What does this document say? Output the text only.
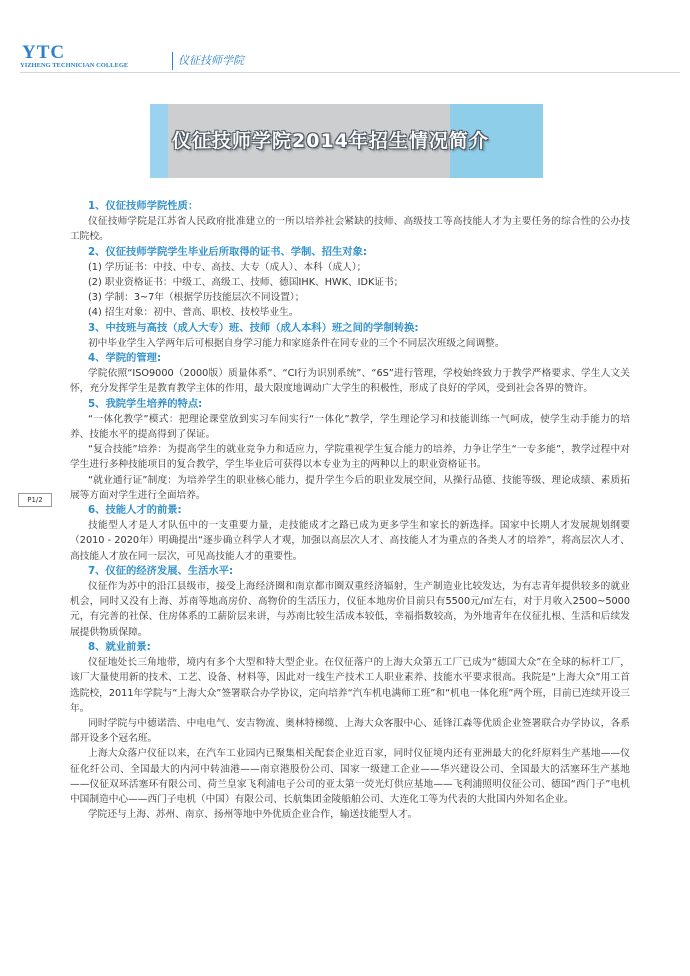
YTC
YIZHENG TECHNICIAN COLLEGE	仪征技师学院
仪征技师学院2014年招生情况简介
P1/2
1、仪征技师学院性质：

仪征技师学院是江苏省人民政府批准建立的一所以培养社会紧缺的技师、高级技工等高技能人才为主要任务的综合性的公办技工院校。

2、仪征技师学院学生毕业后所取得的证书、学制、招生对象:

(1) 学历证书：中技、中专、高技、大专（成人）、本科（成人）；

(2) 职业资格证书：中级工、高级工、技师、德国IHK、HWK、IDK证书；

(3) 学制：3~7年（根据学历技能层次不同设置）；

(4) 招生对象：初中、普高、职校、技校毕业生。

3、中技班与高技（成人大专）班、技师（成人本科）班之间的学制转换:

初中毕业学生入学两年后可根据自身学习能力和家庭条件在同专业的三个不同层次班级之间调整。

4、学院的管理:

学院依照“ISO9000（2000版）质量体系”、“CI行为识别系统”、“6S”进行管理，学校始终致力于教学严格要求、学生人文关怀，充分发挥学生是教育教学主体的作用，最大限度地调动广大学生的积极性，形成了良好的学风，受到社会各界的赞许。

5、我院学生培养的特点:

“一体化教学”模式：把理论课堂放到实习车间实行“一体化”教学，学生理论学习和技能训练一气呵成，使学生动手能力的培养、技能水平的提高得到了保证。

“复合技能”培养：为提高学生的就业竞争力和适应力，学院重视学生复合能力的培养，力争让学生“一专多能”，教学过程中对学生进行多种技能项目的复合教学，学生毕业后可获得以本专业为主的两种以上的职业资格证书。

“就业通行证”制度：为培养学生的职业核心能力，提升学生今后的职业发展空间，从操行品德、技能等级、理论成绩、素质拓展等方面对学生进行全面培养。

6、技能人才的前景:

技能型人才是人才队伍中的一支重要力量，走技能成才之路已成为更多学生和家长的新选择。国家中长期人才发展规划纲要（2010 - 2020年）明确提出“逐步确立科学人才观，加强以高层次人才、高技能人才为重点的各类人才的培养”，将高层次人才、高技能人才放在同一层次，可见高技能人才的重要性。

7、仪征的经济发展、生活水平:

仪征作为苏中的沿江县级市，接受上海经济圈和南京都市圈双重经济辐射，生产制造业比较发达，为有志青年提供较多的就业机会，同时又没有上海、苏南等地高房价、高物价的生活压力，仪征本地房价目前只有5500元/㎡左右，对于月收入2500~5000元，有完善的社保、住房体系的工薪阶层来讲，与苏南比较生活成本较低，幸福指数较高，为外地青年在仪征扎根、生活和后续发展提供物质保障。

8、就业前景:

仪征地处长三角地带，境内有多个大型和特大型企业。在仪征落户的上海大众第五工厂已成为“德国大众”在全球的标杆工厂，该厂大量使用新的技术、工艺、设备、材料等，因此对一线生产技术工人职业素养、技能水平要求很高。我院是“上海大众”用工首选院校，2011年学院与“上海大众”签署联合办学协议，定向培养“汽车机电满师工班”和“机电一体化班”两个班，目前已连续开设三年。

同时学院与中德诺浩、中电电气、安吉物流、奥林特梯缆、上海大众客服中心、延锋江森等优质企业签署联合办学协议，各系部开设多个冠名班。

上海大众落户仪征以来，在汽车工业园内已聚集相关配套企业近百家，同时仪征境内还有亚洲最大的化纤原料生产基地——仪征化纤公司、全国最大的内河中转油港——南京港股份公司、国家一级建工企业——华兴建设公司、全国最大的活塞环生产基地——仪征双环活塞环有限公司、荷兰皇家飞利浦电子公司的亚太第一荧光灯供应基地——飞利浦照明仪征公司、德国“西门子”电机中国制造中心——西门子电机（中国）有限公司、长航集团金陵船舶公司、大连化工等为代表的大批国内外知名企业。

学院还与上海、苏州、南京、扬州等地中外优质企业合作，输送技能型人才。
